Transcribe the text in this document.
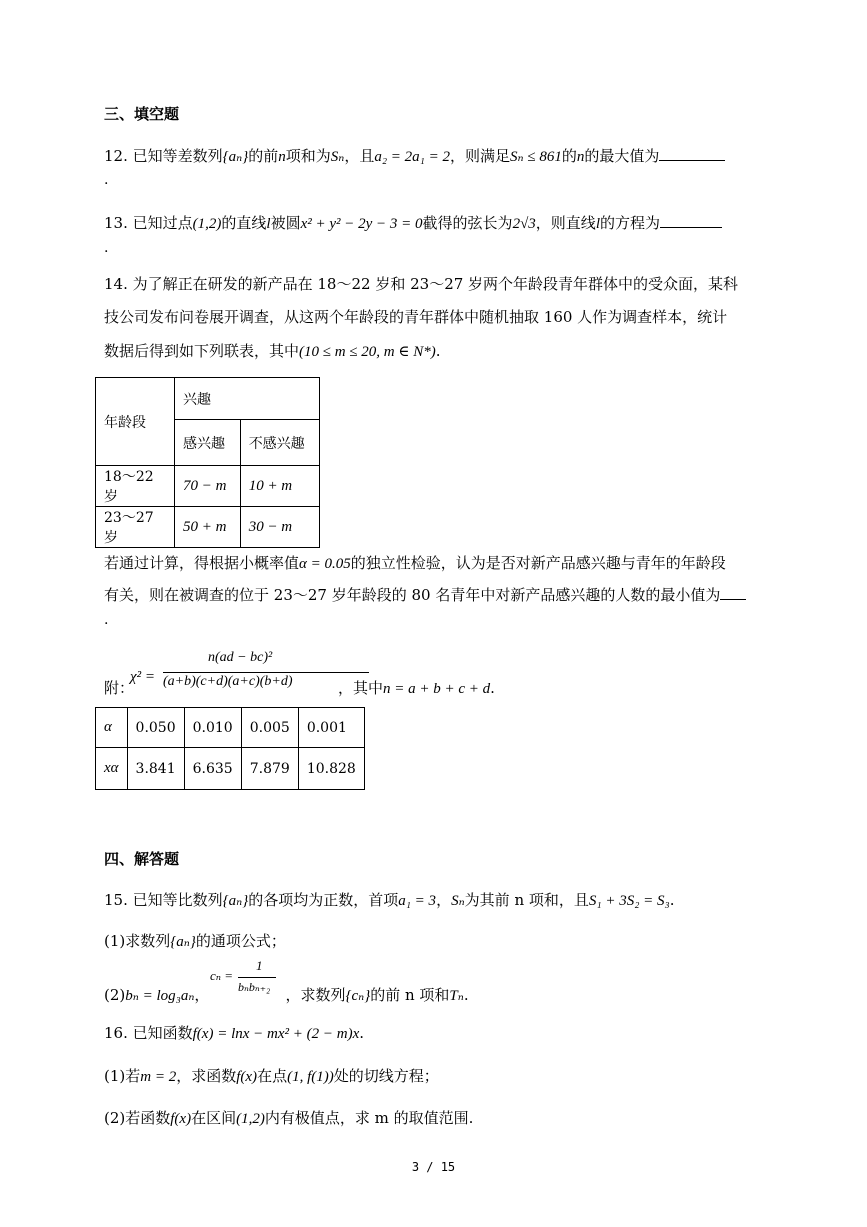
三、填空题
12. 已知等差数列{aₙ}的前n项和为Sₙ，且a₂ = 2a₁ = 2，则满足Sₙ ≤ 861的n的最大值为
.
13. 已知过点(1,2)的直线l被圆x² + y² − 2y − 3 = 0截得的弦长为2√3，则直线l的方程为
.
14. 为了解正在研发的新产品在 18～22 岁和 23～27 岁两个年龄段青年群体中的受众面，某科
技公司发布问卷展开调查，从这两个年龄段的青年群体中随机抽取 160 人作为调查样本，统计
数据后得到如下列联表，其中(10 ≤ m ≤ 20, m ∈ N*).
年龄段	兴趣	
	感兴趣	不感兴趣
18～22 岁	70 − m	10 + m
23～27 岁	50 + m	30 − m
若通过计算，得根据小概率值α = 0.05的独立性检验，认为是否对新产品感兴趣与青年的年龄段
有关，则在被调查的位于 23～27 岁年龄段的 80 名青年中对新产品感兴趣的人数的最小值为
.
附：
χ² =
n(ad − bc)²
(a+b)(c+d)(a+c)(b+d)	，其中n = a + b + c + d.
α	0.050	0.010	0.005	0.001
xα	3.841	6.635	7.879	10.828
四、解答题
15. 已知等比数列{aₙ}的各项均为正数，首项a₁ = 3，Sₙ为其前 n 项和，且S₁ + 3S₂ = S₃.
(1)求数列{aₙ}的通项公式；
(2)bₙ = log₃aₙ，	，求数列{cₙ}的前 n 项和Tₙ.
cₙ =
1
bₙbₙ₊₂
16. 已知函数f(x) = lnx − mx² + (2 − m)x.
(1)若m = 2，求函数f(x)在点(1, f(1))处的切线方程；
(2)若函数f(x)在区间(1,2)内有极值点，求 m 的取值范围.
3 / 15
